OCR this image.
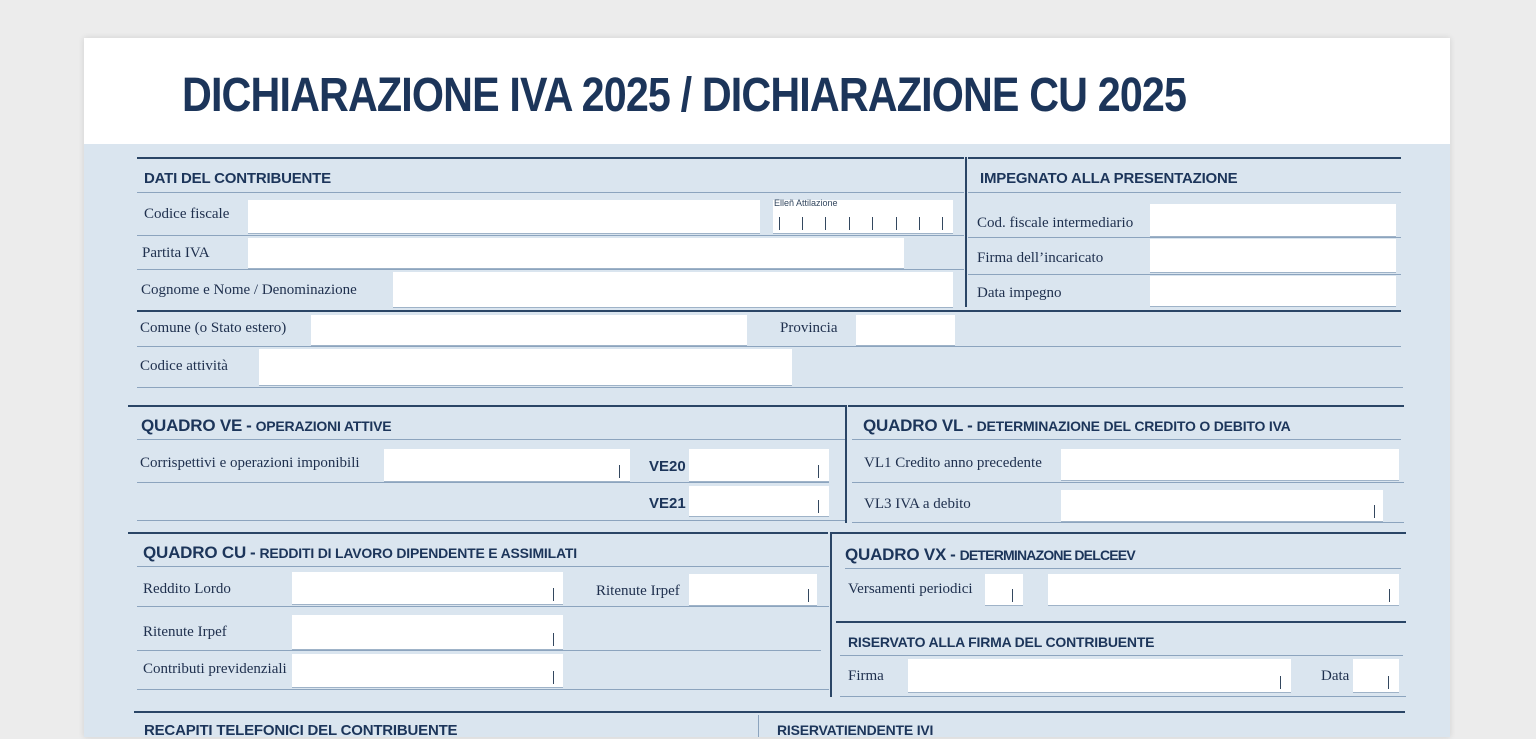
DICHIARAZIONE IVA 2025 / DICHIARAZIONE CU 2025
DATI DEL CONTRIBUENTE	IMPEGNATO ALLA PRESENTAZIONE
Codice fiscale
Elleñ Attilazione
Partita IVA
Cognome e Nome / Denominazione
Cod. fiscale intermediario
Firma dell’incaricato
Data impegno
Comune (o Stato estero)	Provincia
Codice attività
QUADRO VE - OPERAZIONI ATTIVE	QUADRO VL - DETERMINAZIONE DEL CREDITO O DEBITO IVA
Corrispettivi e operazioni imponibili	VE20
VE21
VL1 Credito anno precedente
VL3 IVA a debito
QUADRO CU - REDDITI DI LAVORO DIPENDENTE E ASSIMILATI	QUADRO VX - DETERMINAZONE DELCEEV
Reddito Lordo	Ritenute Irpef
Ritenute Irpef
Contributi previdenziali
Versamenti periodici
RISERVATO ALLA FIRMA DEL CONTRIBUENTE
Firma	Data
RECAPITI TELEFONICI DEL CONTRIBUENTE	RISERVATIENDENTE IVI
